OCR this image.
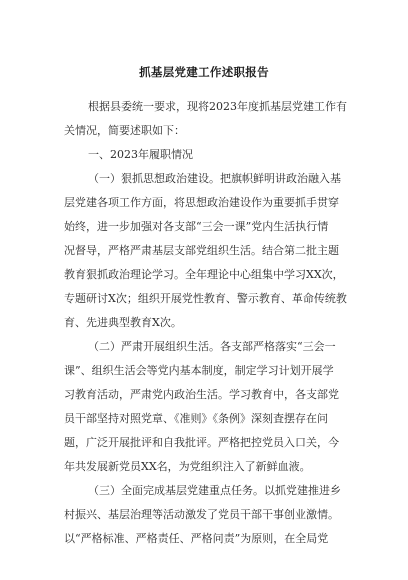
抓基层党建工作述职报告
根据县委统一要求，现将2023年度抓基层党建工作有
关情况，简要述职如下：
一、2023年履职情况
（一）狠抓思想政治建设。把旗帜鲜明讲政治融入基
层党建各项工作方面，将思想政治建设作为重要抓手贯穿
始终，进一步加强对各支部“三会一课”党内生活执行情
况督导，严格严肃基层支部党组织生活。结合第二批主题
教育狠抓政治理论学习。全年理论中心组集中学习XX次，
专题研讨X次；组织开展党性教育、警示教育、革命传统教
育、先进典型教育X次。
（二）严肃开展组织生活。各支部严格落实“三会一
课”、组织生活会等党内基本制度，制定学习计划开展学
习教育活动，严肃党内政治生活。学习教育中，各支部党
员干部坚持对照党章、《准则》《条例》深刻査摆存在问
题，广泛开展批评和自我批评。严格把控党员入口关，今
年共发展新党员XX名，为党组织注入了新鲜血液。
（三）全面完成基层党建重点任务。以抓党建推进乡
村振兴、基层治理等活动激发了党员干部干事创业激情。
以“严格标准、严格责任、严格问责”为原则，在全局党
